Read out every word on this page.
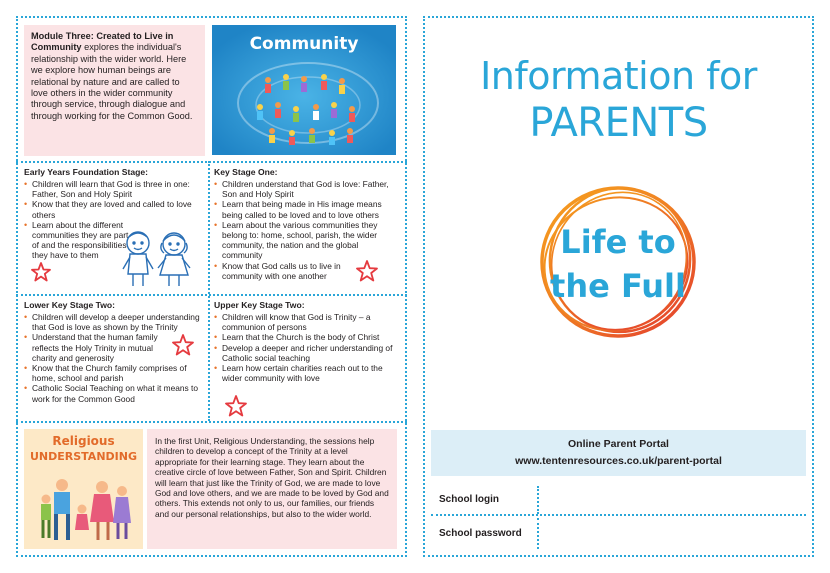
Module Three: Created to Live in Community explores the individual's relationship with the wider world. Here we explore how human beings are relational by nature and are called to love others in the wider community through service, through dialogue and through working for the Common Good.
Community
Early Years Foundation Stage:
• Children will learn that God is three in one: Father, Son and Holy Spirit
• Know that they are loved and called to love others
• Learn about the different communities they are part of and the responsibilities they have to them
Key Stage One:
• Children understand that God is love: Father, Son and Holy Spirit
• Learn that being made in His image means being called to be loved and to love others
• Learn about the various communities they belong to: home, school, parish, the wider community, the nation and the global community
• Know that God calls us to live in community with one another
Lower Key Stage Two:
• Children will develop a deeper understanding that God is love as shown by the Trinity
• Understand that the human family reflects the Holy Trinity in mutual charity and generosity
• Know that the Church family comprises of home, school and parish
• Catholic Social Teaching on what it means to work for the Common Good
Upper Key Stage Two:
• Children will know that God is Trinity – a communion of persons
• Learn that the Church is the body of Christ
• Develop a deeper and richer understanding of Catholic social teaching
• Learn how certain charities reach out to the wider community with love
Religious
UNDERSTANDING
In the first Unit, Religious Understanding, the sessions help children to develop a concept of the Trinity at a level appropriate for their learning stage. They learn about the creative circle of love between Father, Son and Spirit. Children will learn that just like the Trinity of God, we are made to love God and love others, and we are made to be loved by God and others. This extends not only to us, our families, our friends and our personal relationships, but also to the wider world.
Information for
PARENTS
Life to
the Full
Online Parent Portal
www.tentenresources.co.uk/parent-portal
School login
School password
